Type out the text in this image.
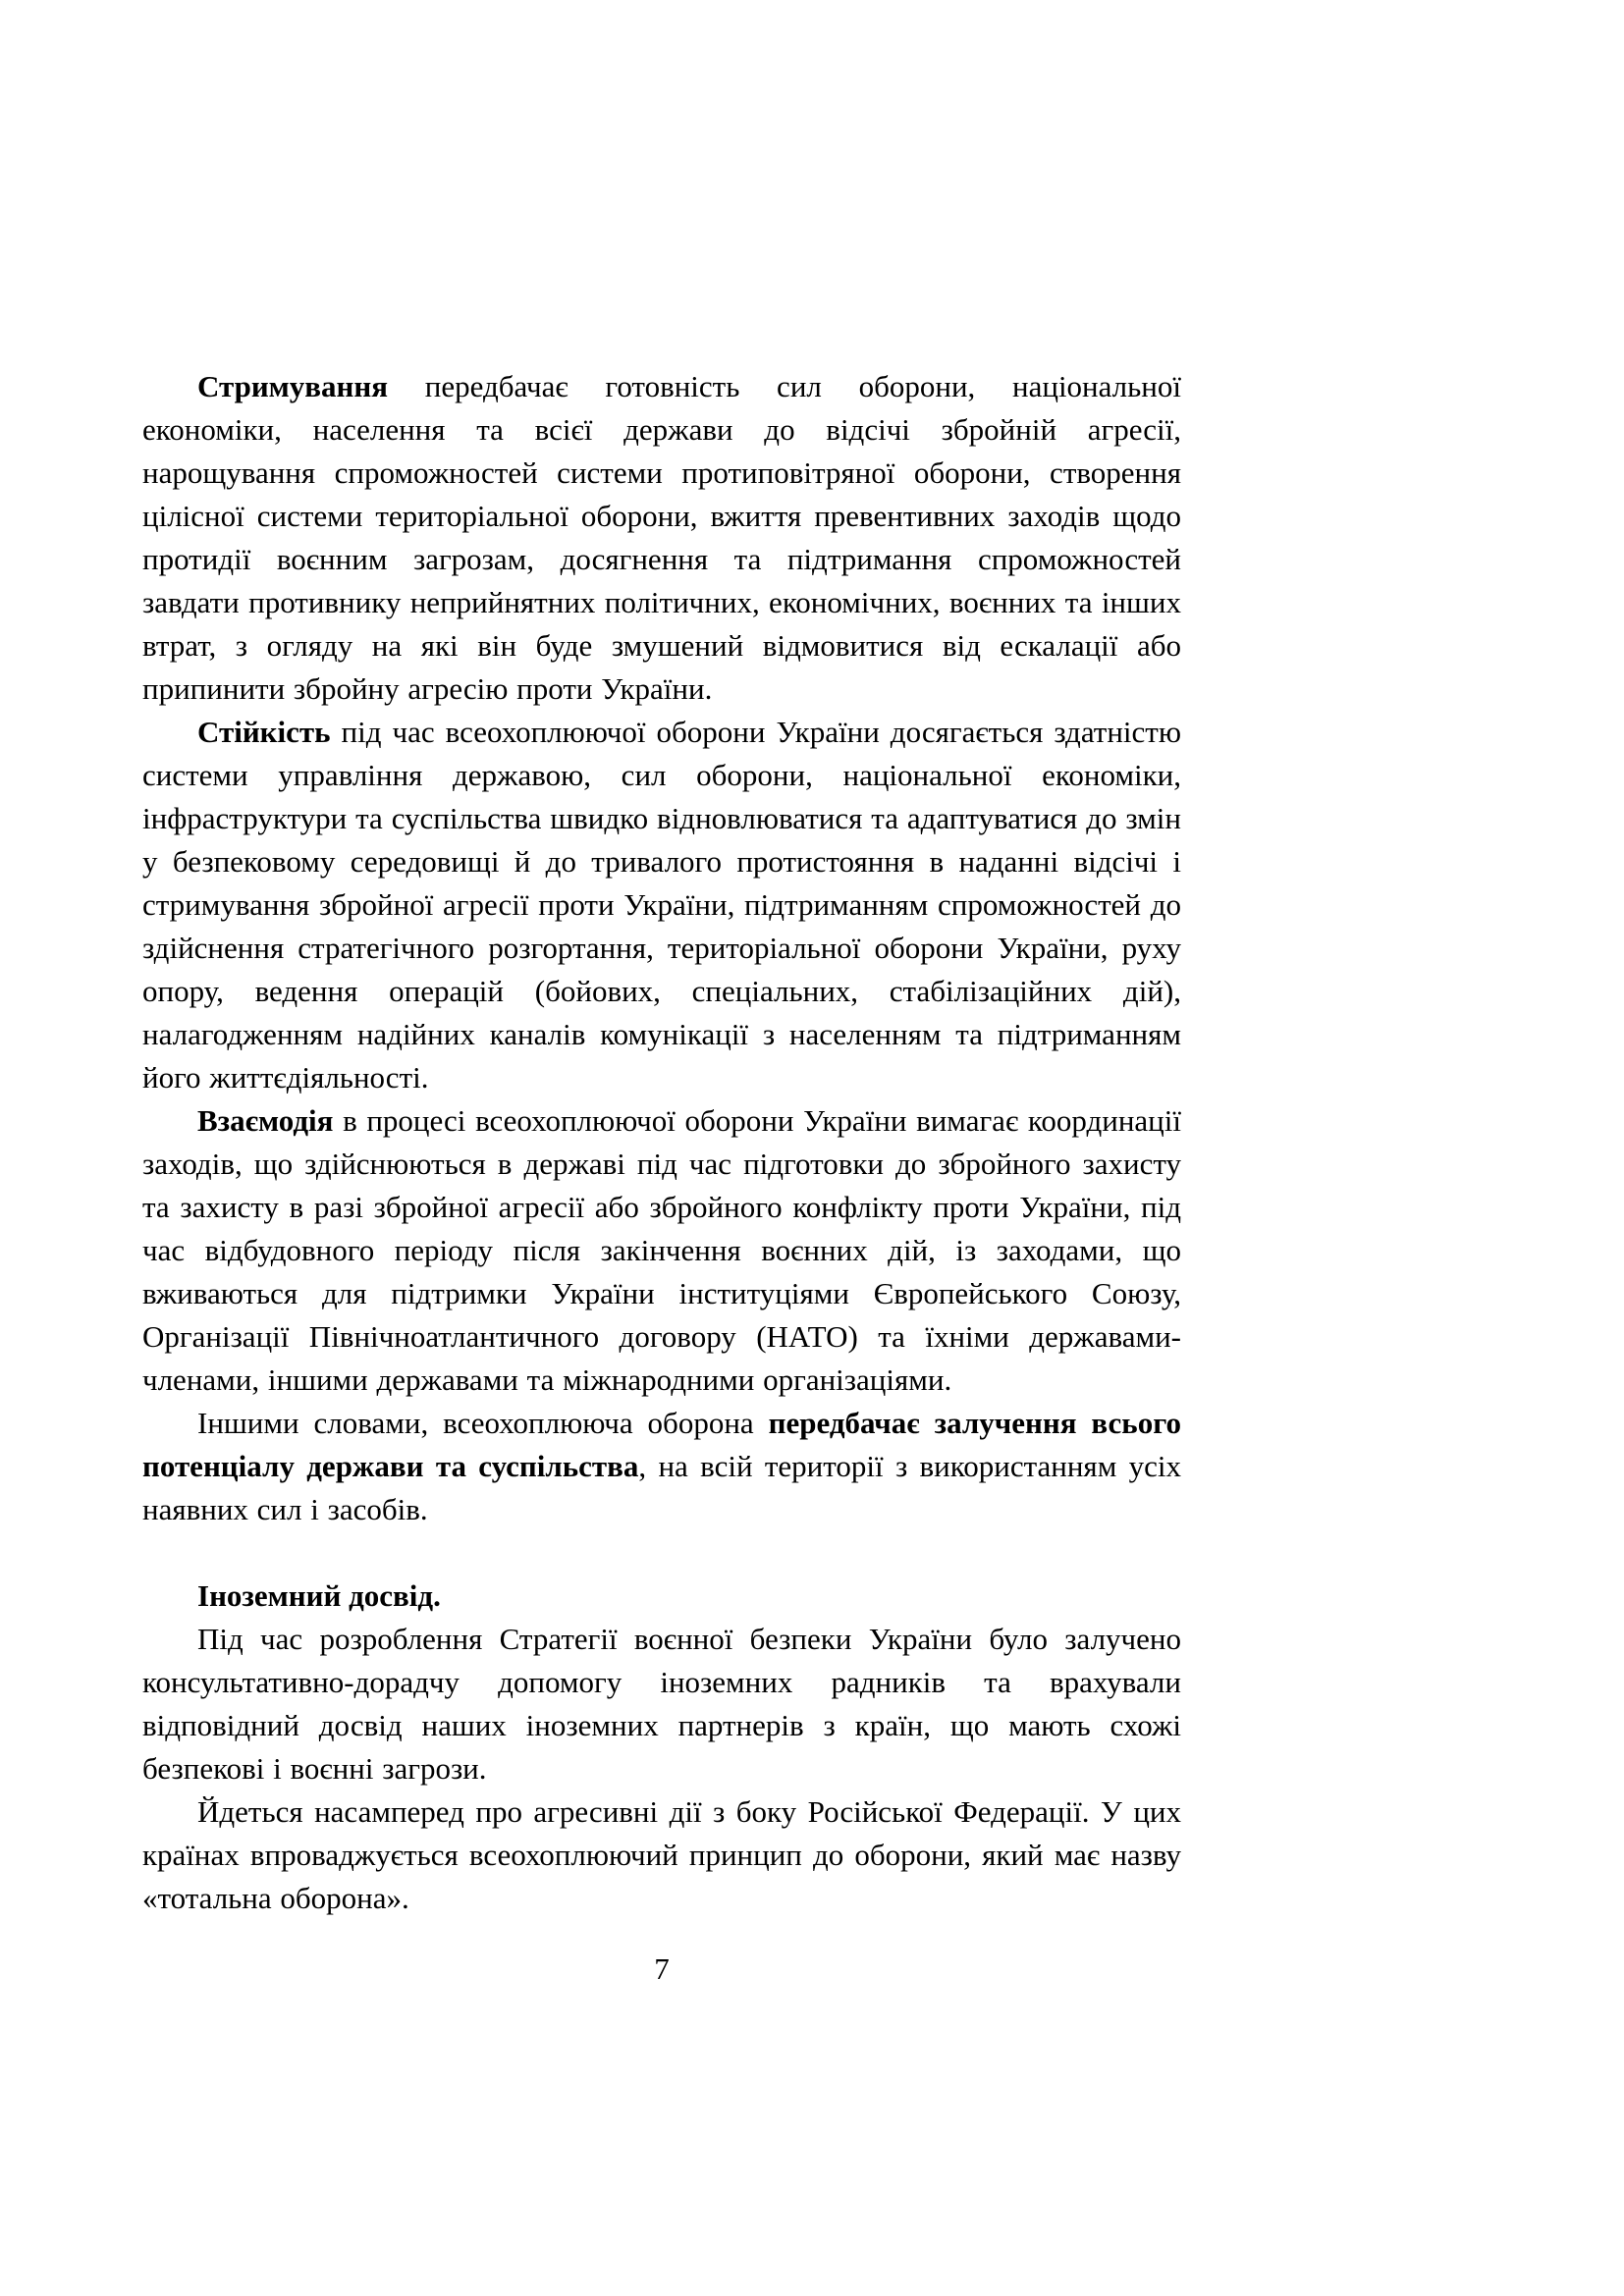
Стримування передбачає готовність сил оборони, національної економіки, населення та всієї держави до відсічі збройній агресії, нарощування спроможностей системи протиповітряної оборони, створення цілісної системи територіальної оборони, вжиття превентивних заходів щодо протидії воєнним загрозам, досягнення та підтримання спроможностей завдати противнику неприйнятних політичних, економічних, воєнних та інших втрат, з огляду на які він буде змушений відмовитися від ескалації або припинити збройну агресію проти України.

Стійкість під час всеохоплюючої оборони України досягається здатністю системи управління державою, сил оборони, національної економіки, інфраструктури та суспільства швидко відновлюватися та адаптуватися до змін у безпековому середовищі й до тривалого протистояння в наданні відсічі і стримування збройної агресії проти України, підтриманням спроможностей до здійснення стратегічного розгортання, територіальної оборони України, руху опору, ведення операцій (бойових, спеціальних, стабілізаційних дій), налагодженням надійних каналів комунікації з населенням та підтриманням його життєдіяльності.

Взаємодія в процесі всеохоплюючої оборони України вимагає координації заходів, що здійснюються в державі під час підготовки до збройного захисту та захисту в разі збройної агресії або збройного конфлікту проти України, під час відбудовного періоду після закінчення воєнних дій, із заходами, що вживаються для підтримки України інституціями Європейського Союзу, Організації Північноатлантичного договору (НАТО) та їхніми державами-членами, іншими державами та міжнародними організаціями.

Іншими словами, всеохоплююча оборона передбачає залучення всього потенціалу держави та суспільства, на всій території з використанням усіх наявних сил і засобів.

Іноземний досвід.

Під час розроблення Стратегії воєнної безпеки України було залучено консультативно-дорадчу допомогу іноземних радників та врахували відповідний досвід наших іноземних партнерів з країн, що мають схожі безпекові і воєнні загрози.

Йдеться насамперед про агресивні дії з боку Російської Федерації. У цих країнах впроваджується всеохоплюючий принцип до оборони, який має назву «тотальна оборона».

7
